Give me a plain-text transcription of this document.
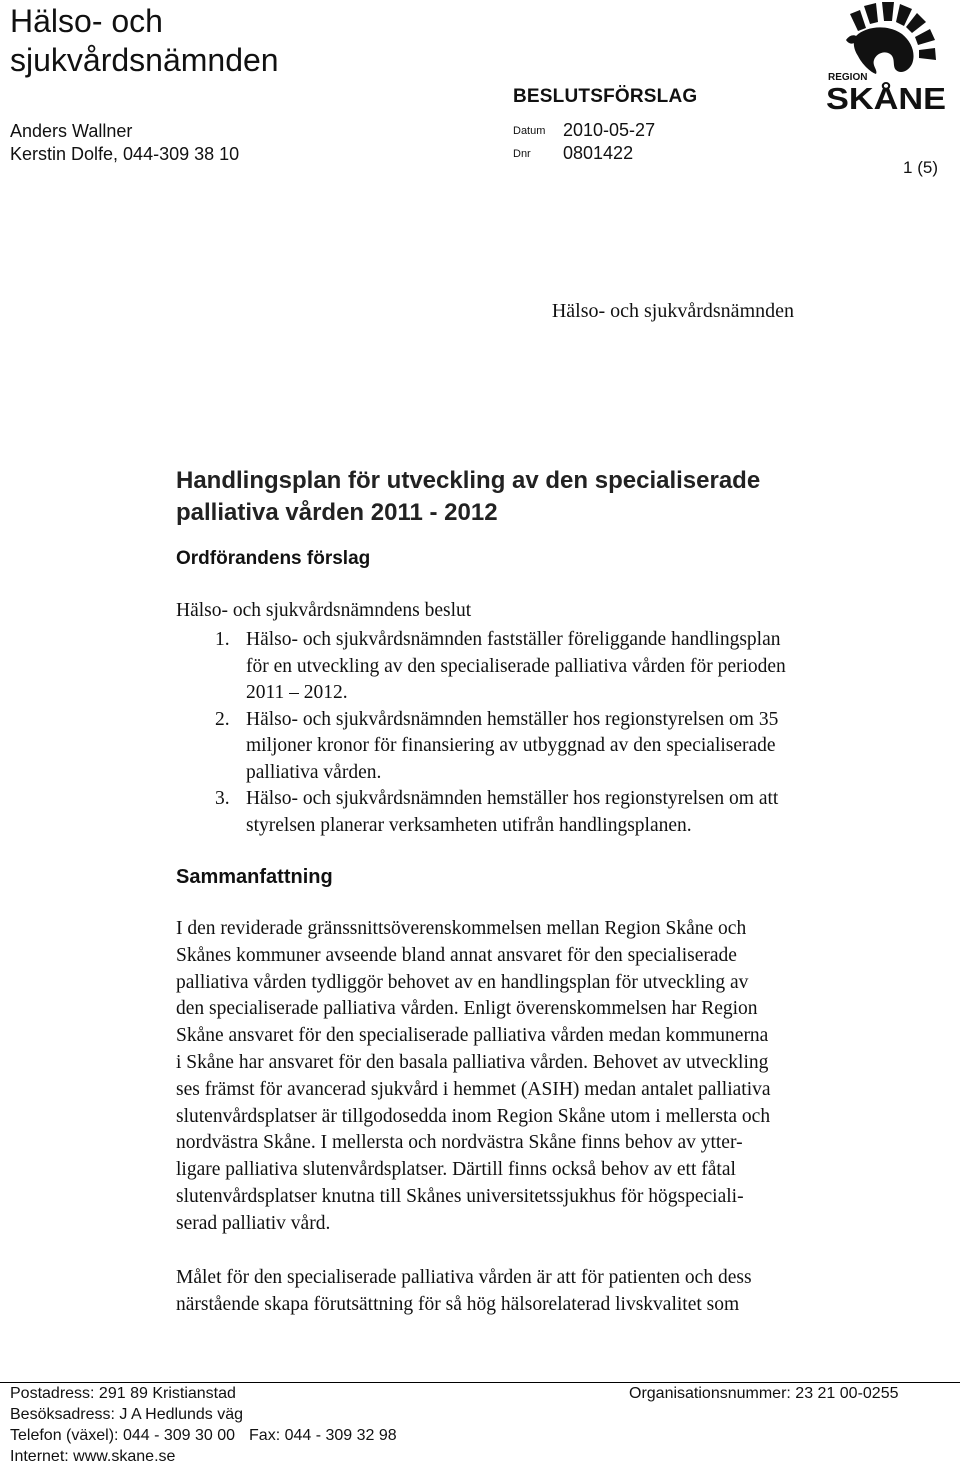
Hälso- och
sjukvårdsnämnden
BESLUTSFÖRSLAG
Anders Wallner
Kerstin Dolfe, 044-309 38 10
Datum 2010-05-27
Dnr 0801422
1 (5)
REGION
SKÅNE
Hälso- och sjukvårdsnämnden
Handlingsplan för utveckling av den specialiserade
palliativa vården 2011 - 2012
Ordförandens förslag
Hälso- och sjukvårdsnämndens beslut
1. Hälso- och sjukvårdsnämnden fastställer föreliggande handlingsplan
för en utveckling av den specialiserade palliativa vården för perioden
2011 – 2012.
2. Hälso- och sjukvårdsnämnden hemställer hos regionstyrelsen om 35
miljoner kronor för finansiering av utbyggnad av den specialiserade
palliativa vården.
3. Hälso- och sjukvårdsnämnden hemställer hos regionstyrelsen om att
styrelsen planerar verksamheten utifrån handlingsplanen.
Sammanfattning

I den reviderade gränssnittsöverenskommelsen mellan Region Skåne och
Skånes kommuner avseende bland annat ansvaret för den specialiserade
palliativa vården tydliggör behovet av en handlingsplan för utveckling av
den specialiserade palliativa vården. Enligt överenskommelsen har Region
Skåne ansvaret för den specialiserade palliativa vården medan kommunerna
i Skåne har ansvaret för den basala palliativa vården. Behovet av utveckling
ses främst för avancerad sjukvård i hemmet (ASIH) medan antalet palliativa
slutenvårdsplatser är tillgodosedda inom Region Skåne utom i mellersta och
nordvästra Skåne. I mellersta och nordvästra Skåne finns behov av ytter-
ligare palliativa slutenvårdsplatser. Därtill finns också behov av ett fåtal
slutenvårdsplatser knutna till Skånes universitetssjukhus för högspeciali-
serad palliativ vård.

Målet för den specialiserade palliativa vården är att för patienten och dess
närstående skapa förutsättning för så hög hälsorelaterad livskvalitet som

Postadress: 291 89 Kristianstad
Besöksadress: J A Hedlunds väg
Telefon (växel): 044 - 309 30 00 Fax: 044 - 309 32 98
Internet: www.skane.se
Organisationsnummer: 23 21 00-0255
